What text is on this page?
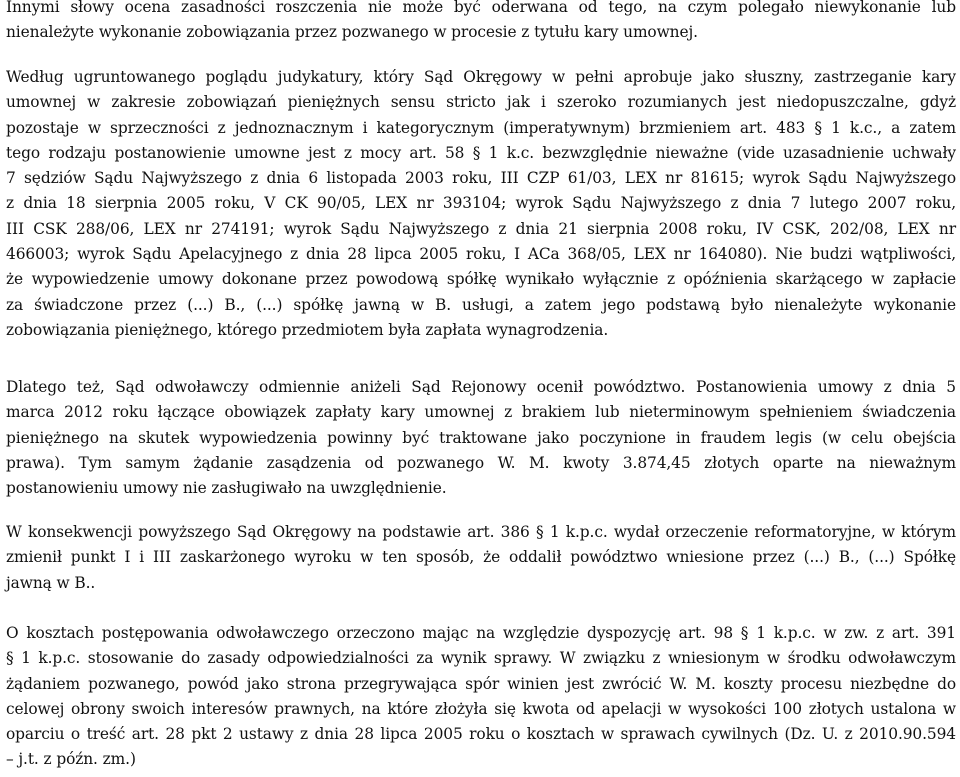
Innymi słowy ocena zasadności roszczenia nie może być oderwana od tego, na czym polegało niewykonanie lub
nienależyte wykonanie zobowiązania przez pozwanego w procesie z tytułu kary umownej.
Według ugruntowanego poglądu judykatury, który Sąd Okręgowy w pełni aprobuje jako słuszny, zastrzeganie kary
umownej w zakresie zobowiązań pieniężnych sensu stricto jak i szeroko rozumianych jest niedopuszczalne, gdyż
pozostaje w sprzeczności z jednoznacznym i kategorycznym (imperatywnym) brzmieniem art. 483 § 1 k.c., a zatem
tego rodzaju postanowienie umowne jest z mocy art. 58 § 1 k.c. bezwzględnie nieważne (vide uzasadnienie uchwały
7 sędziów Sądu Najwyższego z dnia 6 listopada 2003 roku, III CZP 61/03, LEX nr 81615; wyrok Sądu Najwyższego
z dnia 18 sierpnia 2005 roku, V CK 90/05, LEX nr 393104; wyrok Sądu Najwyższego z dnia 7 lutego 2007 roku,
III CSK 288/06, LEX nr 274191; wyrok Sądu Najwyższego z dnia 21 sierpnia 2008 roku, IV CSK, 202/08, LEX nr
466003; wyrok Sądu Apelacyjnego z dnia 28 lipca 2005 roku, I ACa 368/05, LEX nr 164080). Nie budzi wątpliwości,
że wypowiedzenie umowy dokonane przez powodową spółkę wynikało wyłącznie z opóźnienia skarżącego w zapłacie
za świadczone przez (...) B., (...) spółkę jawną w B. usługi, a zatem jego podstawą było nienależyte wykonanie
zobowiązania pieniężnego, którego przedmiotem była zapłata wynagrodzenia.
Dlatego też, Sąd odwoławczy odmiennie aniżeli Sąd Rejonowy ocenił powództwo. Postanowienia umowy z dnia 5
marca 2012 roku łączące obowiązek zapłaty kary umownej z brakiem lub nieterminowym spełnieniem świadczenia
pieniężnego na skutek wypowiedzenia powinny być traktowane jako poczynione in fraudem legis (w celu obejścia
prawa). Tym samym żądanie zasądzenia od pozwanego W. M. kwoty 3.874,45 złotych oparte na nieważnym
postanowieniu umowy nie zasługiwało na uwzględnienie.
W konsekwencji powyższego Sąd Okręgowy na podstawie art. 386 § 1 k.p.c. wydał orzeczenie reformatoryjne, w którym
zmienił punkt I i III zaskarżonego wyroku w ten sposób, że oddalił powództwo wniesione przez (...) B., (...) Spółkę
jawną w B..
O kosztach postępowania odwoławczego orzeczono mając na względzie dyspozycję art. 98 § 1 k.p.c. w zw. z art. 391
§ 1 k.p.c. stosowanie do zasady odpowiedzialności za wynik sprawy. W związku z wniesionym w środku odwoławczym
żądaniem pozwanego, powód jako strona przegrywająca spór winien jest zwrócić W. M. koszty procesu niezbędne do
celowej obrony swoich interesów prawnych, na które złożyła się kwota od apelacji w wysokości 100 złotych ustalona w
oparciu o treść art. 28 pkt 2 ustawy z dnia 28 lipca 2005 roku o kosztach w sprawach cywilnych (Dz. U. z 2010.90.594
– j.t. z późn. zm.)
